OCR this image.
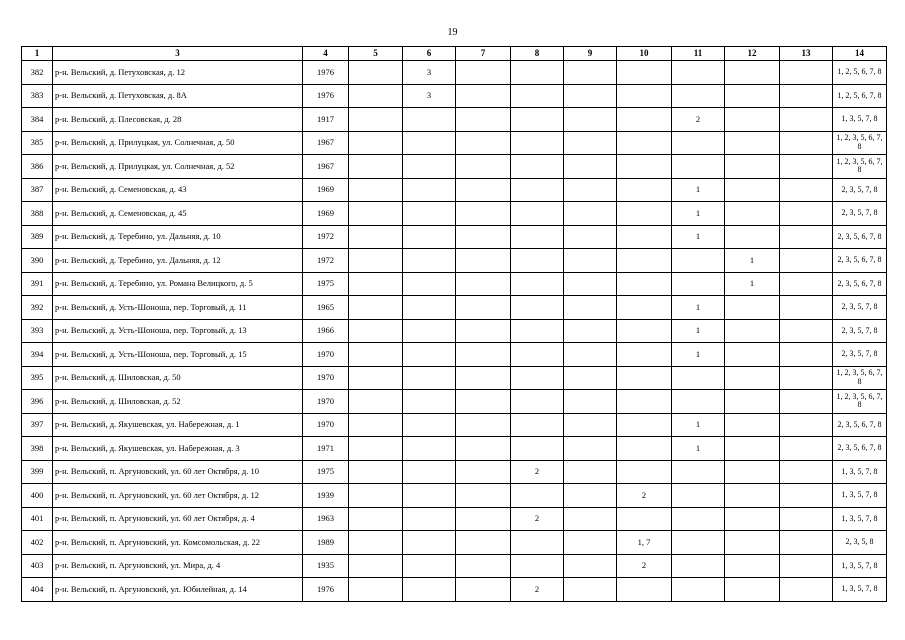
19
1	3	4	5	6	7	8	9	10	11	12	13	14
382	р-н. Вельский, д. Петуховская, д. 12	1976		3								1, 2, 5, 6, 7, 8
383	р-н. Вельский, д. Петуховская, д. 8А	1976		3								1, 2, 5, 6, 7, 8
384	р-н. Вельский, д. Плесовская, д. 28	1917							2			1, 3, 5, 7, 8
385	р-н. Вельский, д. Прилуцкая, ул. Солнечная, д. 50	1967										1, 2, 3, 5, 6, 7, 8
386	р-н. Вельский, д. Прилуцкая, ул. Солнечная, д. 52	1967										1, 2, 3, 5, 6, 7, 8
387	р-н. Вельский, д. Семеновская, д. 43	1969							1			2, 3, 5, 7, 8
388	р-н. Вельский, д. Семеновская, д. 45	1969							1			2, 3, 5, 7, 8
389	р-н. Вельский, д. Теребино, ул. Дальняя, д. 10	1972							1			2, 3, 5, 6, 7, 8
390	р-н. Вельский, д. Теребино, ул. Дальняя, д. 12	1972								1		2, 3, 5, 6, 7, 8
391	р-н. Вельский, д. Теребино, ул. Романа Велицкого, д. 5	1975								1		2, 3, 5, 6, 7, 8
392	р-н. Вельский, д. Усть-Шоноша, пер. Торговый, д. 11	1965							1			2, 3, 5, 7, 8
393	р-н. Вельский, д. Усть-Шоноша, пер. Торговый, д. 13	1966							1			2, 3, 5, 7, 8
394	р-н. Вельский, д. Усть-Шоноша, пер. Торговый, д. 15	1970							1			2, 3, 5, 7, 8
395	р-н. Вельский, д. Шиловская, д. 50	1970										1, 2, 3, 5, 6, 7, 8
396	р-н. Вельский, д. Шиловская, д. 52	1970										1, 2, 3, 5, 6, 7, 8
397	р-н. Вельский, д. Якушевская, ул. Набережная, д. 1	1970							1			2, 3, 5, 6, 7, 8
398	р-н. Вельский, д. Якушевская, ул. Набережная, д. 3	1971							1			2, 3, 5, 6, 7, 8
399	р-н. Вельский, п. Аргуновский, ул. 60 лет Октября, д. 10	1975				2						1, 3, 5, 7, 8
400	р-н. Вельский, п. Аргуновский, ул. 60 лет Октября, д. 12	1939						2				1, 3, 5, 7, 8
401	р-н. Вельский, п. Аргуновский, ул. 60 лет Октября, д. 4	1963				2						1, 3, 5, 7, 8
402	р-н. Вельский, п. Аргуновский, ул. Комсомольская, д. 22	1989						1, 7				2, 3, 5, 8
403	р-н. Вельский, п. Аргуновский, ул. Мира, д. 4	1935						2				1, 3, 5, 7, 8
404	р-н. Вельский, п. Аргуновский, ул. Юбилейная, д. 14	1976				2						1, 3, 5, 7, 8
